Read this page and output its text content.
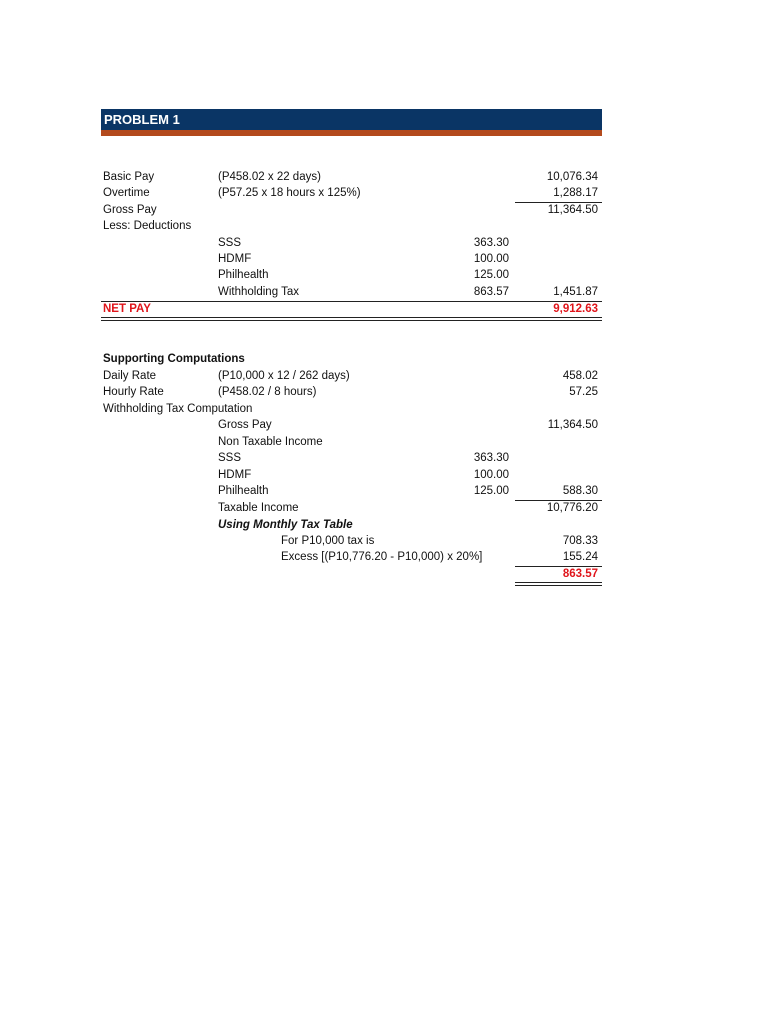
PROBLEM 1
Basic Pay	(P458.02 x 22 days)	10,076.34
Overtime	(P57.25 x 18 hours x 125%)	1,288.17
Gross Pay	11,364.50
Less: Deductions
SSS	363.30
HDMF	100.00
Philhealth	125.00
Withholding Tax	863.57	1,451.87
NET PAY	9,912.63
Supporting Computations
Daily Rate	(P10,000 x 12 / 262 days)	458.02
Hourly Rate	(P458.02 / 8 hours)	57.25
Withholding Tax Computation
Gross Pay	11,364.50
Non Taxable Income
SSS	363.30
HDMF	100.00
Philhealth	125.00	588.30
Taxable Income	10,776.20
Using Monthly Tax Table
For P10,000 tax is	708.33
Excess [(P10,776.20 - P10,000) x 20%]	155.24
863.57
